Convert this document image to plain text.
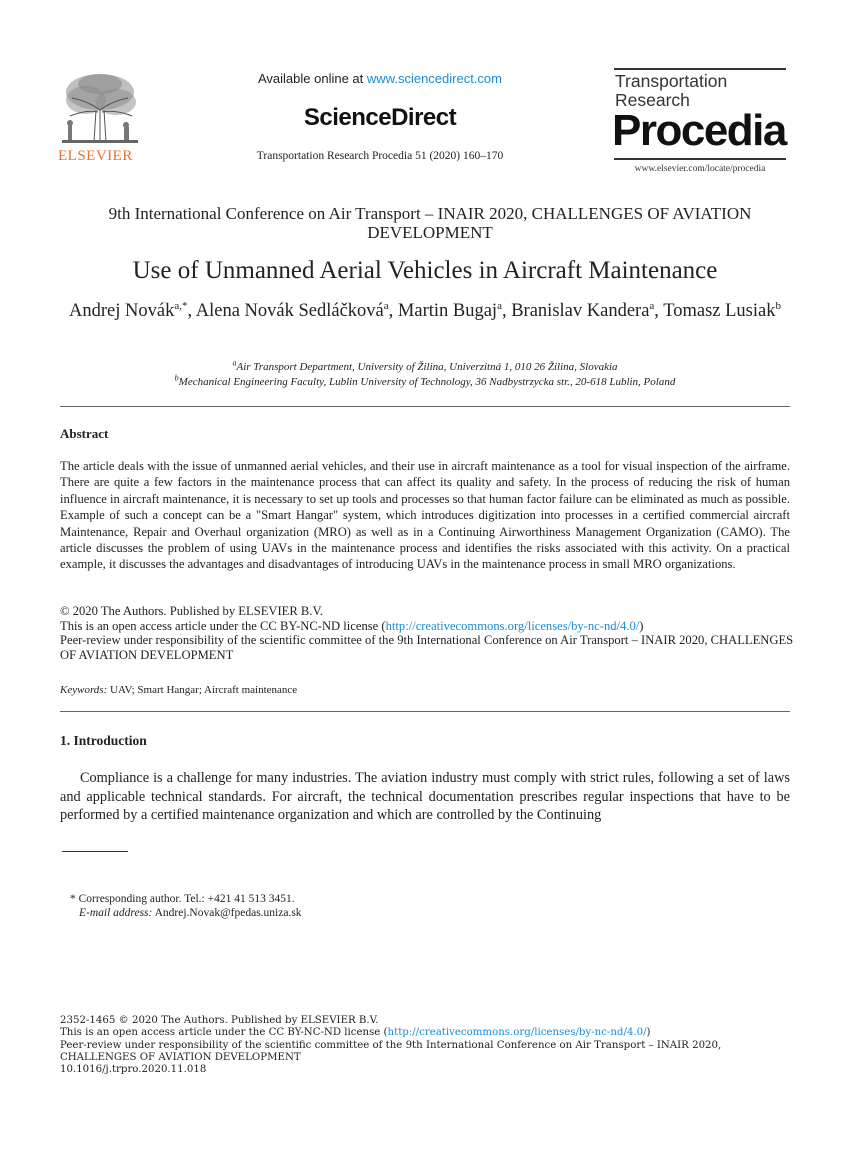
ELSEVIER
Available online at www.sciencedirect.com
ScienceDirect
Transportation Research Procedia 51 (2020) 160–170
Transportation
Research
Procedia
www.elsevier.com/locate/procedia
9th International Conference on Air Transport – INAIR 2020, CHALLENGES OF AVIATION DEVELOPMENT
Use of Unmanned Aerial Vehicles in Aircraft Maintenance
Andrej Novák$^{a,*}$, Alena Novák Sedláčková$^a$, Martin Bugaj$^a$, Branislav Kandera$^a$, Tomasz Lusiak$^b$
$^a$Air Transport Department, University of Žilina, Univerzitná 1, 010 26 Žilina, Slovakia
$^b$Mechanical Engineering Faculty, Lublin University of Technology, 36 Nadbystrzycka str., 20-618 Lublin, Poland
Abstract
The article deals with the issue of unmanned aerial vehicles, and their use in aircraft maintenance as a tool for visual inspection of the airframe. There are quite a few factors in the maintenance process that can affect its quality and safety. In the process of reducing the risk of human influence in aircraft maintenance, it is necessary to set up tools and processes so that human factor failure can be eliminated as much as possible. Example of such a concept can be a "Smart Hangar" system, which introduces digitization into processes in a certified commercial aircraft Maintenance, Repair and Overhaul organization (MRO) as well as in a Continuing Airworthiness Management Organization (CAMO). The article discusses the problem of using UAVs in the maintenance process and identifies the risks associated with this activity. On a practical example, it discusses the advantages and disadvantages of introducing UAVs in the maintenance process in small MRO organizations.
© 2020 The Authors. Published by ELSEVIER B.V.
This is an open access article under the CC BY-NC-ND license (http://creativecommons.org/licenses/by-nc-nd/4.0/)
Peer-review under responsibility of the scientific committee of the 9th International Conference on Air Transport – INAIR 2020, CHALLENGES OF AVIATION DEVELOPMENT
Keywords: UAV; Smart Hangar; Aircraft maintenance
1. Introduction
Compliance is a challenge for many industries. The aviation industry must comply with strict rules, following a set of laws and applicable technical standards. For aircraft, the technical documentation prescribes regular inspections that have to be performed by a certified maintenance organization and which are controlled by the Continuing
* Corresponding author. Tel.: +421 41 513 3451.
E-mail address: Andrej.Novak@fpedas.uniza.sk
2352-1465 © 2020 The Authors. Published by ELSEVIER B.V.
This is an open access article under the CC BY-NC-ND license (http://creativecommons.org/licenses/by-nc-nd/4.0/)
Peer-review under responsibility of the scientific committee of the 9th International Conference on Air Transport – INAIR 2020, CHALLENGES OF AVIATION DEVELOPMENT
10.1016/j.trpro.2020.11.018
